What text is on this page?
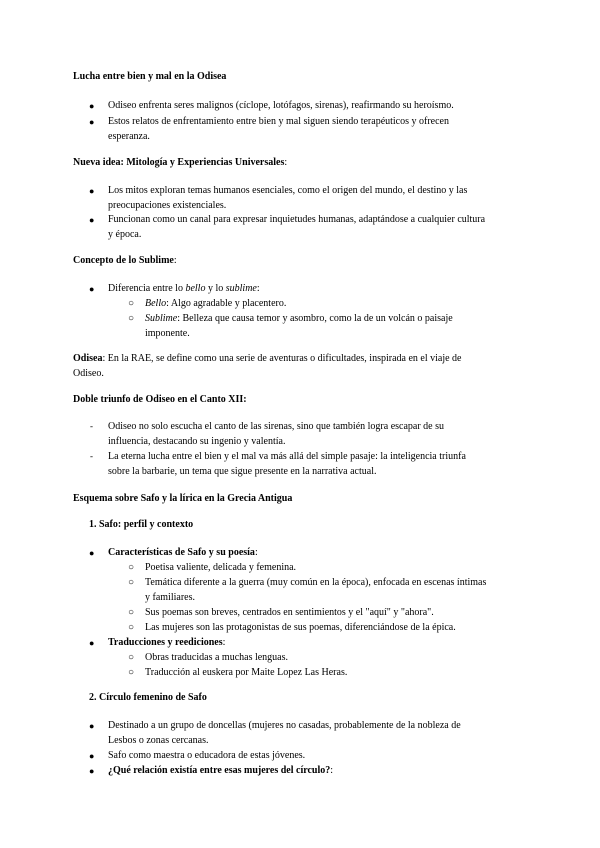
Lucha entre bien y mal en la Odisea
● Odiseo enfrenta seres malignos (cíclope, lotófagos, sirenas), reafirmando su heroísmo.
● Estos relatos de enfrentamiento entre bien y mal siguen siendo terapéuticos y ofrecen
esperanza.
Nueva idea: Mitología y Experiencias Universales:
● Los mitos exploran temas humanos esenciales, como el origen del mundo, el destino y las
preocupaciones existenciales.
● Funcionan como un canal para expresar inquietudes humanas, adaptándose a cualquier cultura
y época.
Concepto de lo Sublime:
● Diferencia entre lo bello y lo sublime:
○ Bello: Algo agradable y placentero.
○ Sublime: Belleza que causa temor y asombro, como la de un volcán o paisaje
imponente.
Odisea: En la RAE, se define como una serie de aventuras o dificultades, inspirada en el viaje de
Odiseo.
Doble triunfo de Odiseo en el Canto XII:
- Odiseo no solo escucha el canto de las sirenas, sino que también logra escapar de su
influencia, destacando su ingenio y valentía.
- La eterna lucha entre el bien y el mal va más allá del simple pasaje: la inteligencia triunfa
sobre la barbarie, un tema que sigue presente en la narrativa actual.
Esquema sobre Safo y la lírica en la Grecia Antigua
1. Safo: perfil y contexto
● Características de Safo y su poesía:
○ Poetisa valiente, delicada y femenina.
○ Temática diferente a la guerra (muy común en la época), enfocada en escenas íntimas
y familiares.
○ Sus poemas son breves, centrados en sentimientos y el "aquí" y "ahora".
○ Las mujeres son las protagonistas de sus poemas, diferenciándose de la épica.
● Traducciones y reediciones:
○ Obras traducidas a muchas lenguas.
○ Traducción al euskera por Maite Lopez Las Heras.
2. Círculo femenino de Safo
● Destinado a un grupo de doncellas (mujeres no casadas, probablemente de la nobleza de
Lesbos o zonas cercanas.
● Safo como maestra o educadora de estas jóvenes.
● ¿Qué relación existía entre esas mujeres del círculo?:
